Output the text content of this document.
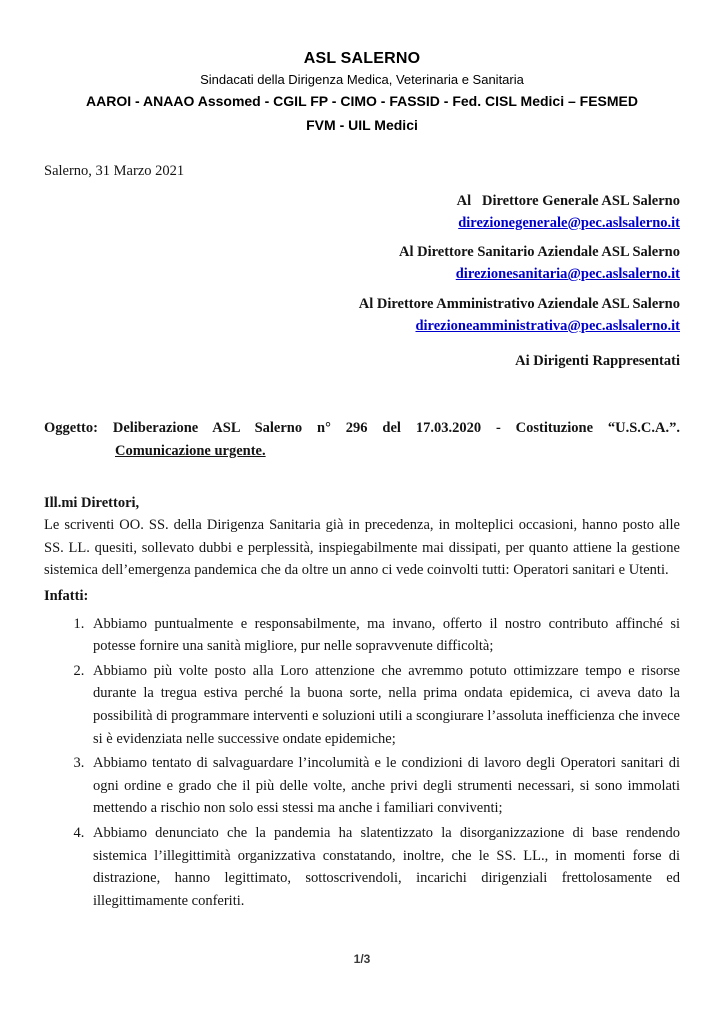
ASL SALERNO
Sindacati della Dirigenza Medica, Veterinaria e Sanitaria
AAROI - ANAAO Assomed - CGIL FP - CIMO - FASSID - Fed. CISL Medici – FESMED
FVM - UIL Medici
Salerno, 31 Marzo 2021
Al   Direttore Generale ASL Salerno
direzionegenerale@pec.aslsalerno.it
Al Direttore Sanitario Aziendale ASL Salerno
direzionesanitaria@pec.aslsalerno.it
Al Direttore Amministrativo Aziendale ASL Salerno
direzioneamministrativa@pec.aslsalerno.it
Ai Dirigenti Rappresentati
Oggetto: Deliberazione ASL Salerno n° 296 del 17.03.2020 - Costituzione “U.S.C.A.”.
Comunicazione urgente.
Ill.mi Direttori,

Le scriventi OO. SS. della Dirigenza Sanitaria già in precedenza, in molteplici occasioni, hanno posto alle SS. LL. quesiti, sollevato dubbi e perplessità, inspiegabilmente mai dissipati, per quanto attiene la gestione sistemica dell’emergenza pandemica che da oltre un anno ci vede coinvolti tutti: Operatori sanitari e Utenti.

Infatti:
1. Abbiamo puntualmente e responsabilmente, ma invano, offerto il nostro contributo affinché si potesse fornire una sanità migliore, pur nelle sopravvenute difficoltà;
2. Abbiamo più volte posto alla Loro attenzione che avremmo potuto ottimizzare tempo e risorse durante la tregua estiva perché la buona sorte, nella prima ondata epidemica, ci aveva dato la possibilità di programmare interventi e soluzioni utili a scongiurare l’assoluta inefficienza che invece si è evidenziata nelle successive ondate epidemiche;
3. Abbiamo tentato di salvaguardare l’incolumità e le condizioni di lavoro degli Operatori sanitari di ogni ordine e grado che il più delle volte, anche privi degli strumenti necessari, si sono immolati mettendo a rischio non solo essi stessi ma anche i familiari conviventi;
4. Abbiamo denunciato che la pandemia ha slatentizzato la disorganizzazione di base rendendo sistemica l’illegittimità organizzativa constatando, inoltre, che le SS. LL., in momenti forse di distrazione, hanno legittimato, sottoscrivendoli, incarichi dirigenziali frettolosamente ed illegittimamente conferiti.
1/3
